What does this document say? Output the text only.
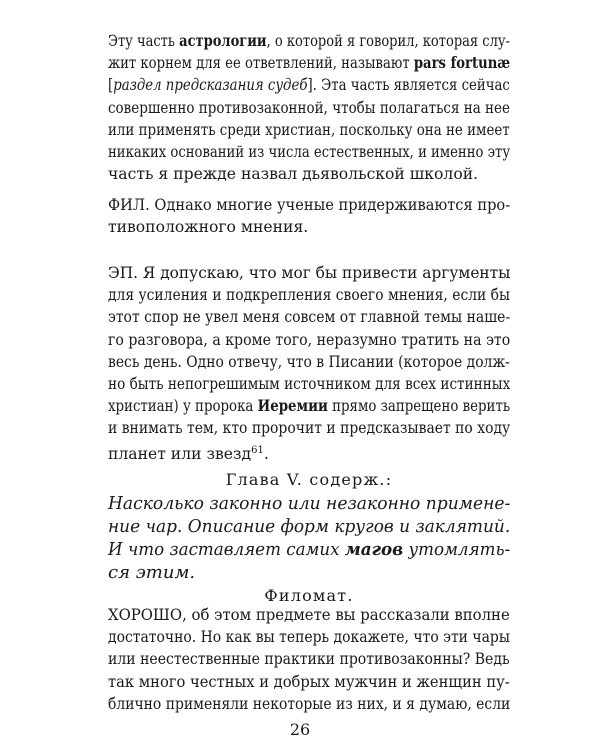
Эту часть астрологии, о которой я говорил, которая слу-
жит корнем для ее ответвлений, называют pars fortunæ
[раздел предсказания судеб]. Эта часть является сейчас
совершенно противозаконной, чтобы полагаться на нее
или применять среди христиан, поскольку она не имеет
никаких оснований из числа естественных, и именно эту
часть я прежде назвал дьявольской школой.

ФИЛ. Однако многие ученые придерживаются про-
тивоположного мнения.

ЭП. Я допускаю, что мог бы привести аргументы
для усиления и подкрепления своего мнения, если бы
этот спор не увел меня совсем от главной темы наше-
го разговора, а кроме того, неразумно тратить на это
весь день. Одно отвечу, что в Писании (которое долж-
но быть непогрешимым источником для всех истинных
христиан) у пророка Иеремии прямо запрещено верить
и внимать тем, кто пророчит и предсказывает по ходу
планет или звезд$^{61}$.

Глава V. содерж.:

Насколько законно или незаконно примене-
ние чар. Описание форм кругов и заклятий.
И что заставляет самих магов утомлять-
ся этим.

Филомат.

ХОРОШО, об этом предмете вы рассказали вполне
достаточно. Но как вы теперь докажете, что эти чары
или неестественные практики противозаконны? Ведь
так много честных и добрых мужчин и женщин пу-
блично применяли некоторые из них, и я думаю, если

26
